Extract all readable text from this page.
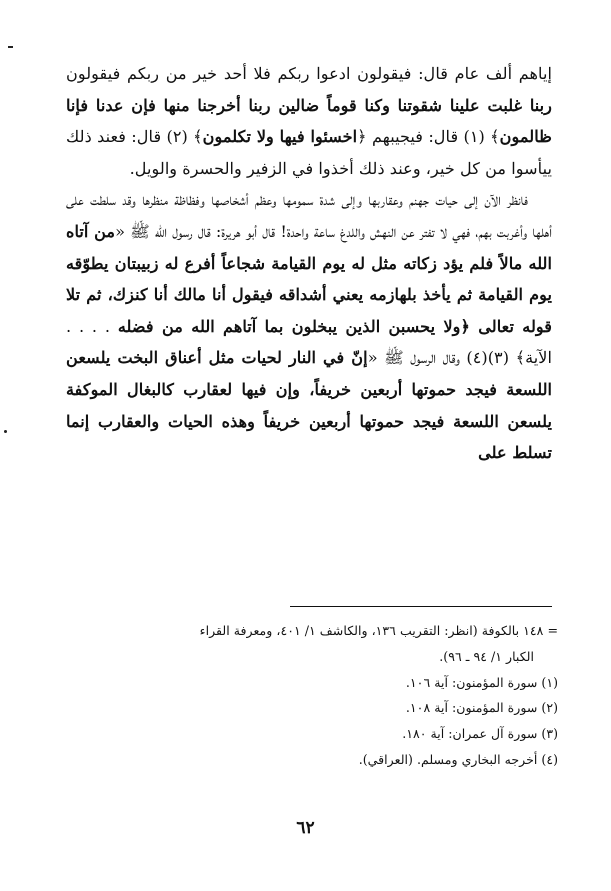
إياهم ألف عام قال: فيقولون ادعوا ربكم فلا أحد خير من ربكم فيقولون ربنا غلبت علينا شقوتنا وكنا قوماً ضالين ربنا أخرجنا منها فإن عدنا فإنا ظالمون﴾ (١) قال: فيجيبهم ﴿اخسئوا فيها ولا تكلمون﴾ (٢) قال: فعند ذلك ييأسوا من كل خير، وعند ذلك أخذوا في الزفير والحسرة والويل.

فانظر الآن إلى حيات جهنم وعقاربها وإلى شدة سمومها وعظم أشخاصها وفظاظة منظرها وقد سلطت على أهلها وأغربت بهم، فهي لا تفتر عن النهش واللدغ ساعة واحدة! قال أبو هريرة: قال رسول الله ﷺ «من آتاه الله مالاً فلم يؤد زكاته مثل له يوم القيامة شجاعاً أفرع له زبيبتان يطوّقه يوم القيامة ثم يأخذ بلهازمه يعني أشداقه فيقول أنا مالك أنا كنزك، ثم تلا قوله تعالى ﴿ولا يحسبن الذين يبخلون بما آتاهم الله من فضله . . . . الآية﴾ (٣)(٤) وقال الرسول ﷺ «إنّ في النار لحيات مثل أعناق البخت يلسعن اللسعة فيجد حموتها أربعين خريفاً، وإن فيها لعقارب كالبغال الموكفة يلسعن اللسعة فيجد حموتها أربعين خريفاً وهذه الحيات والعقارب إنما تسلط على

= ١٤٨ بالكوفة (انظر: التقريب ١٣٦، والكاشف ١/ ٤٠١، ومعرفة القراء
الكبار ١/ ٩٤ ـ ٩٦).
(١) سورة المؤمنون: آية ١٠٦.
(٢) سورة المؤمنون: آية ١٠٨.
(٣) سورة آل عمران: آية ١٨٠.
(٤) أخرجه البخاري ومسلم. (العراقي).
٦٢
